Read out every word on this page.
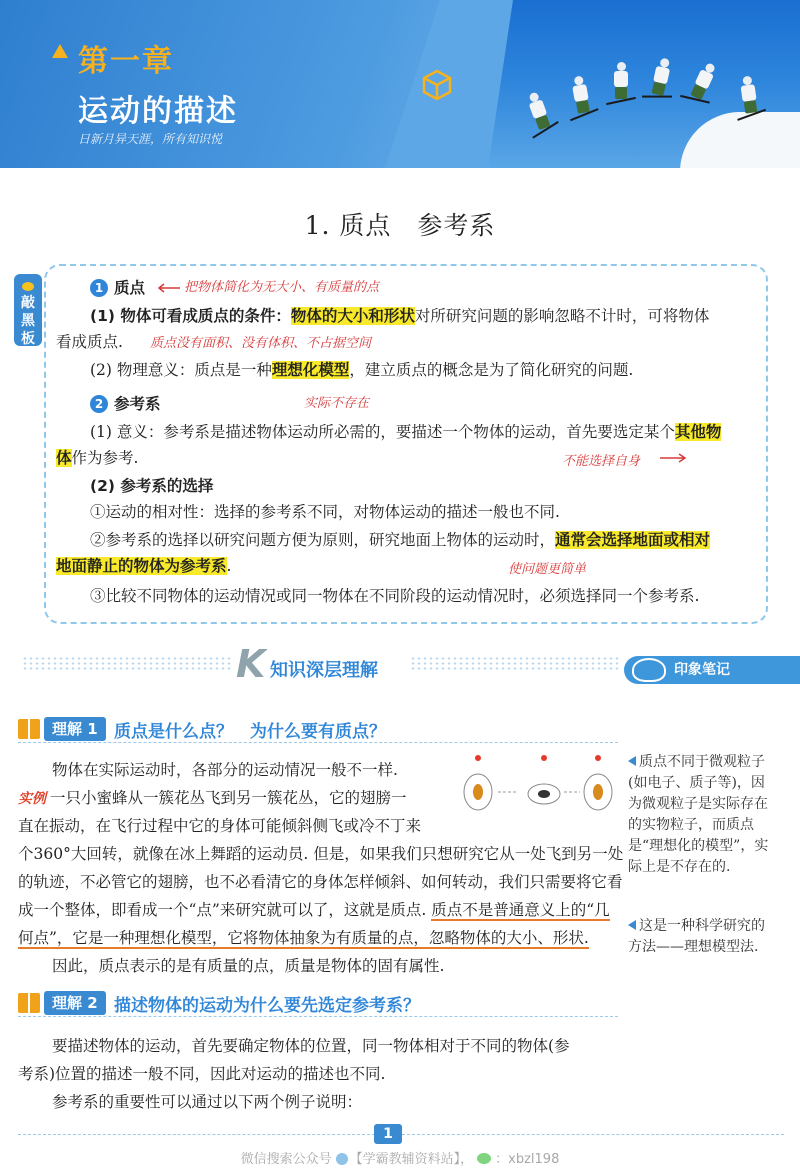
第一章
运动的描述
日新月异天涯，所有知识悦
1. 质点　参考系
敲黑板
1 质点	把物体简化为无大小、有质量的点
(1) 物体可看成质点的条件：物体的大小和形状对所研究问题的影响忽略不计时，可将物体
看成质点. 质点没有面积、没有体积、不占据空间
(2) 物理意义：质点是一种理想化模型，建立质点的概念是为了简化研究的问题.
2 参考系	实际不存在
(1) 意义：参考系是描述物体运动所必需的，要描述一个物体的运动，首先要选定某个其他物
体作为参考.	不能选择自身
(2) 参考系的选择
①运动的相对性：选择的参考系不同，对物体运动的描述一般也不同.
②参考系的选择以研究问题方便为原则，研究地面上物体的运动时，通常会选择地面或相对
地面静止的物体为参考系.	使问题更简单
③比较不同物体的运动情况或同一物体在不同阶段的运动情况时，必须选择同一个参考系.
K 知识深层理解	印象笔记
理解 1 质点是什么点？　为什么要有质点？
物体在实际运动时，各部分的运动情况一般不一样.
实例 一只小蜜蜂从一簇花丛飞到另一簇花丛，它的翅膀一
直在振动，在飞行过程中它的身体可能倾斜侧飞或冷不丁来
个360°大回转，就像在冰上舞蹈的运动员. 但是，如果我们只想研究它从一处飞到另一处
的轨迹，不必管它的翅膀，也不必看清它的身体怎样倾斜、如何转动，我们只需要将它看
成一个整体，即看成一个“点”来研究就可以了，这就是质点. 质点不是普通意义上的“几
何点”，它是一种理想化模型，它将物体抽象为有质量的点，忽略物体的大小、形状.
因此，质点表示的是有质量的点，质量是物体的固有属性.
质点不同于微观粒子(如电子、质子等)，因为微观粒子是实际存在的实物粒子，而质点是“理想化的模型”，实际上是不存在的.
这是一种科学研究的方法——理想模型法.
理解 2 描述物体的运动为什么要先选定参考系？
要描述物体的运动，首先要确定物体的位置，同一物体相对于不同的物体(参
考系)位置的描述一般不同，因此对运动的描述也不同.
参考系的重要性可以通过以下两个例子说明：
1
微信搜索公众号 【学霸教辅资料站】， ：xbzl198
